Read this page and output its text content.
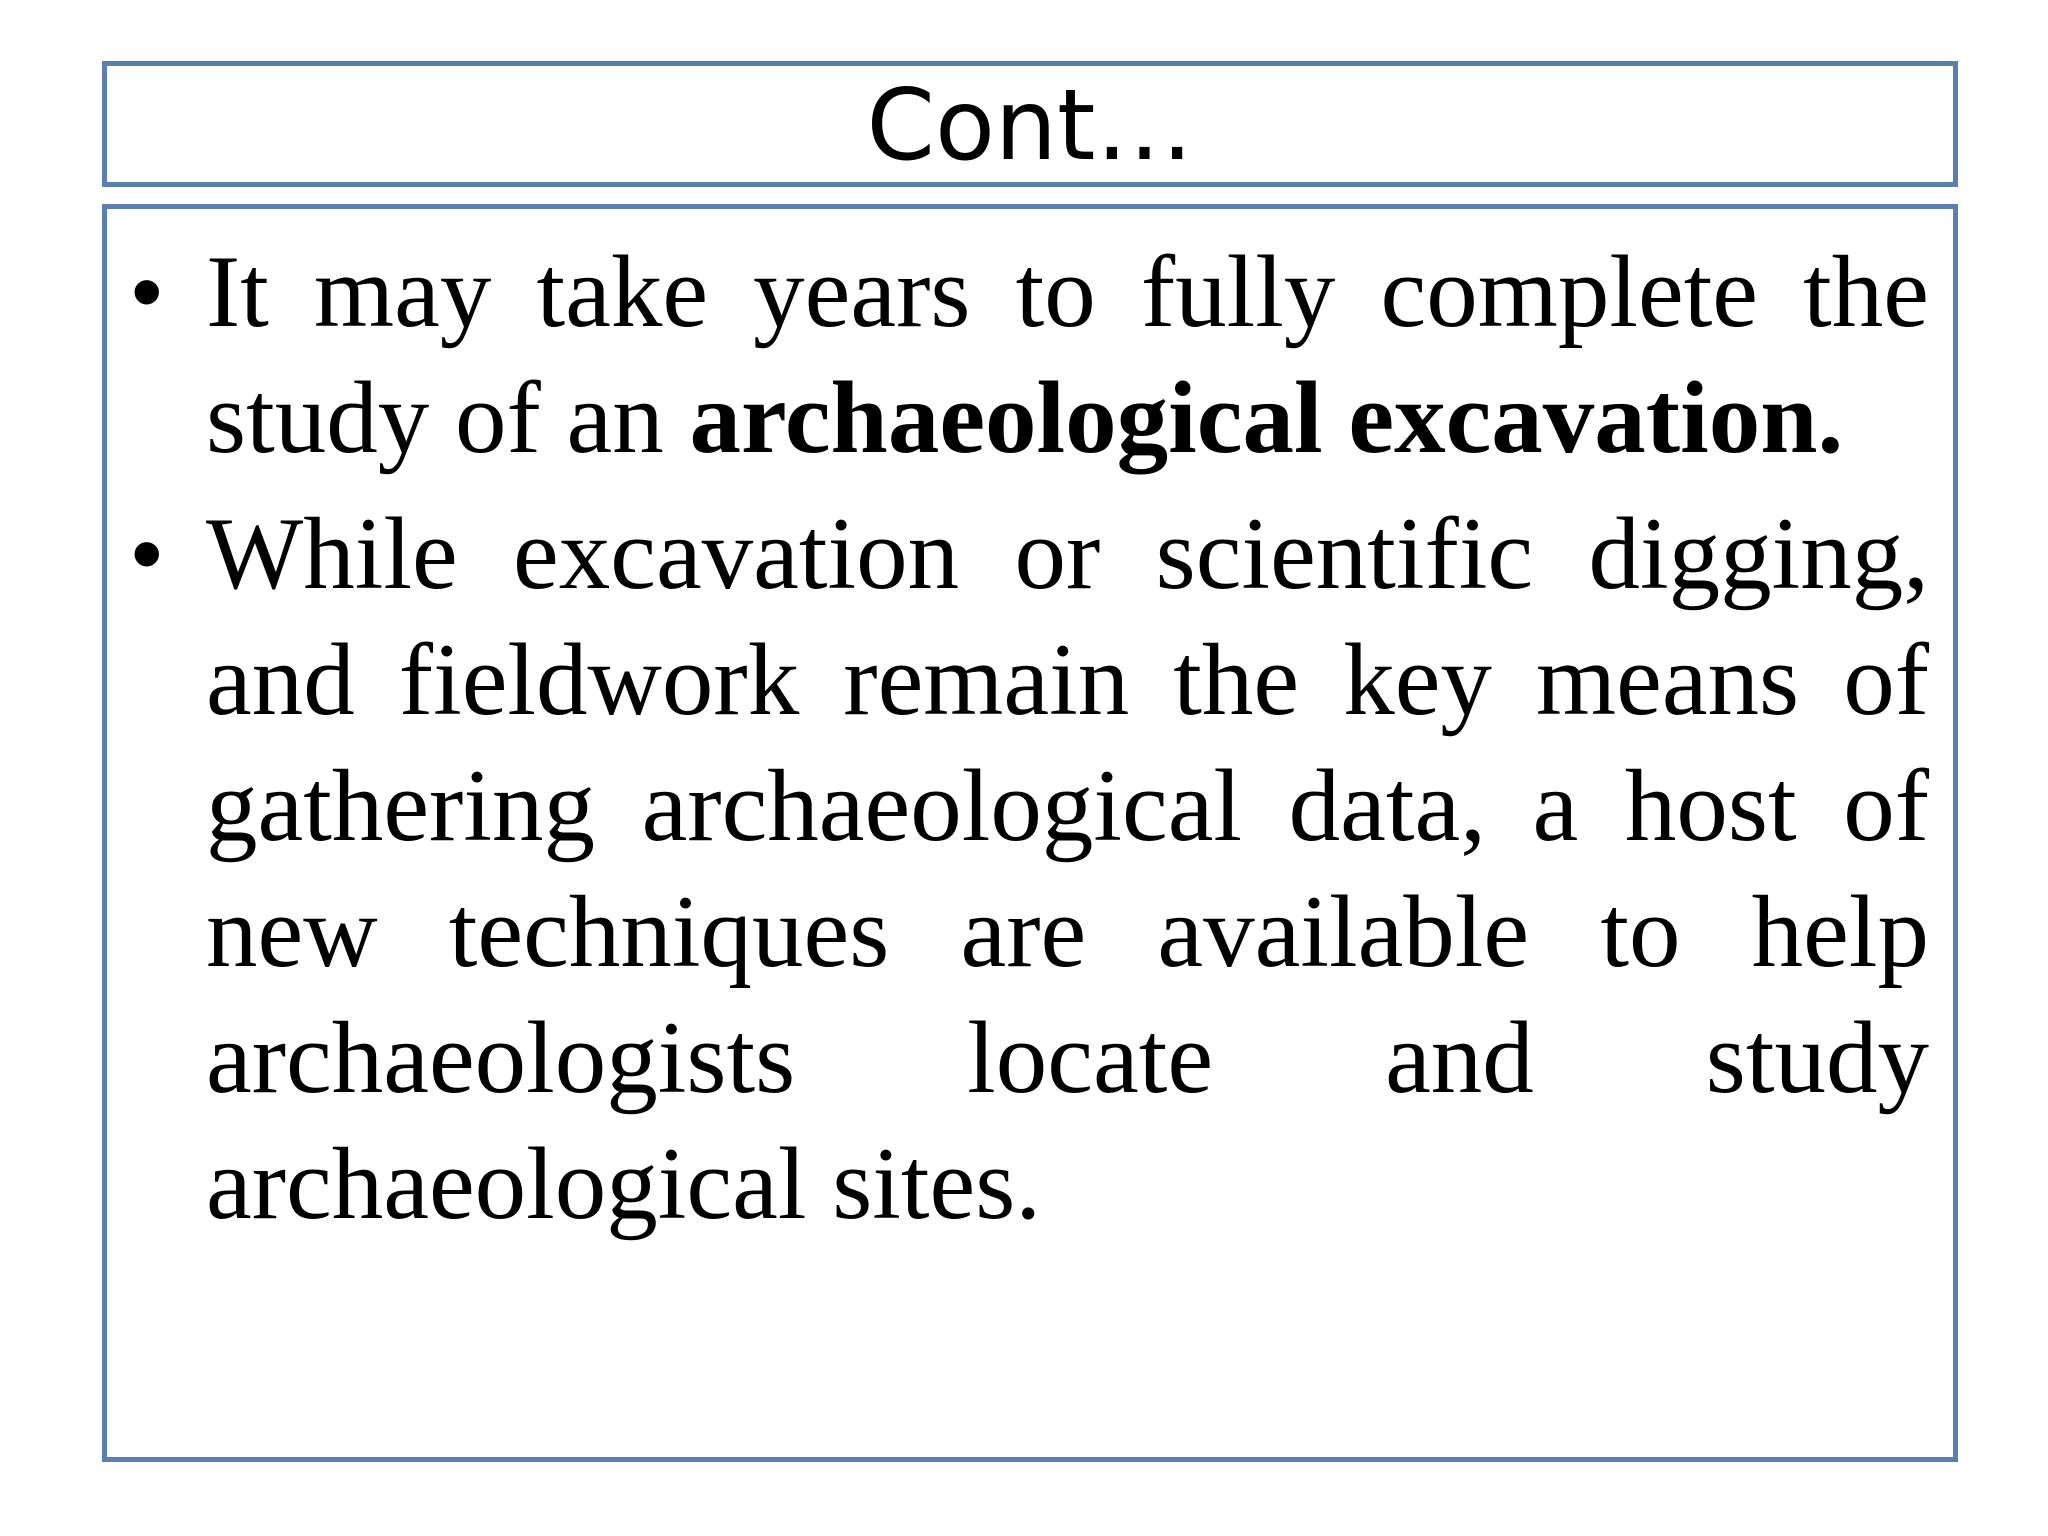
Cont…
• It may take years to fully complete the study of an archaeological excavation.
• While excavation or scientific digging, and fieldwork remain the key means of gathering archaeological data, a host of new techniques are available to help archaeologists locate and study archaeological sites.
